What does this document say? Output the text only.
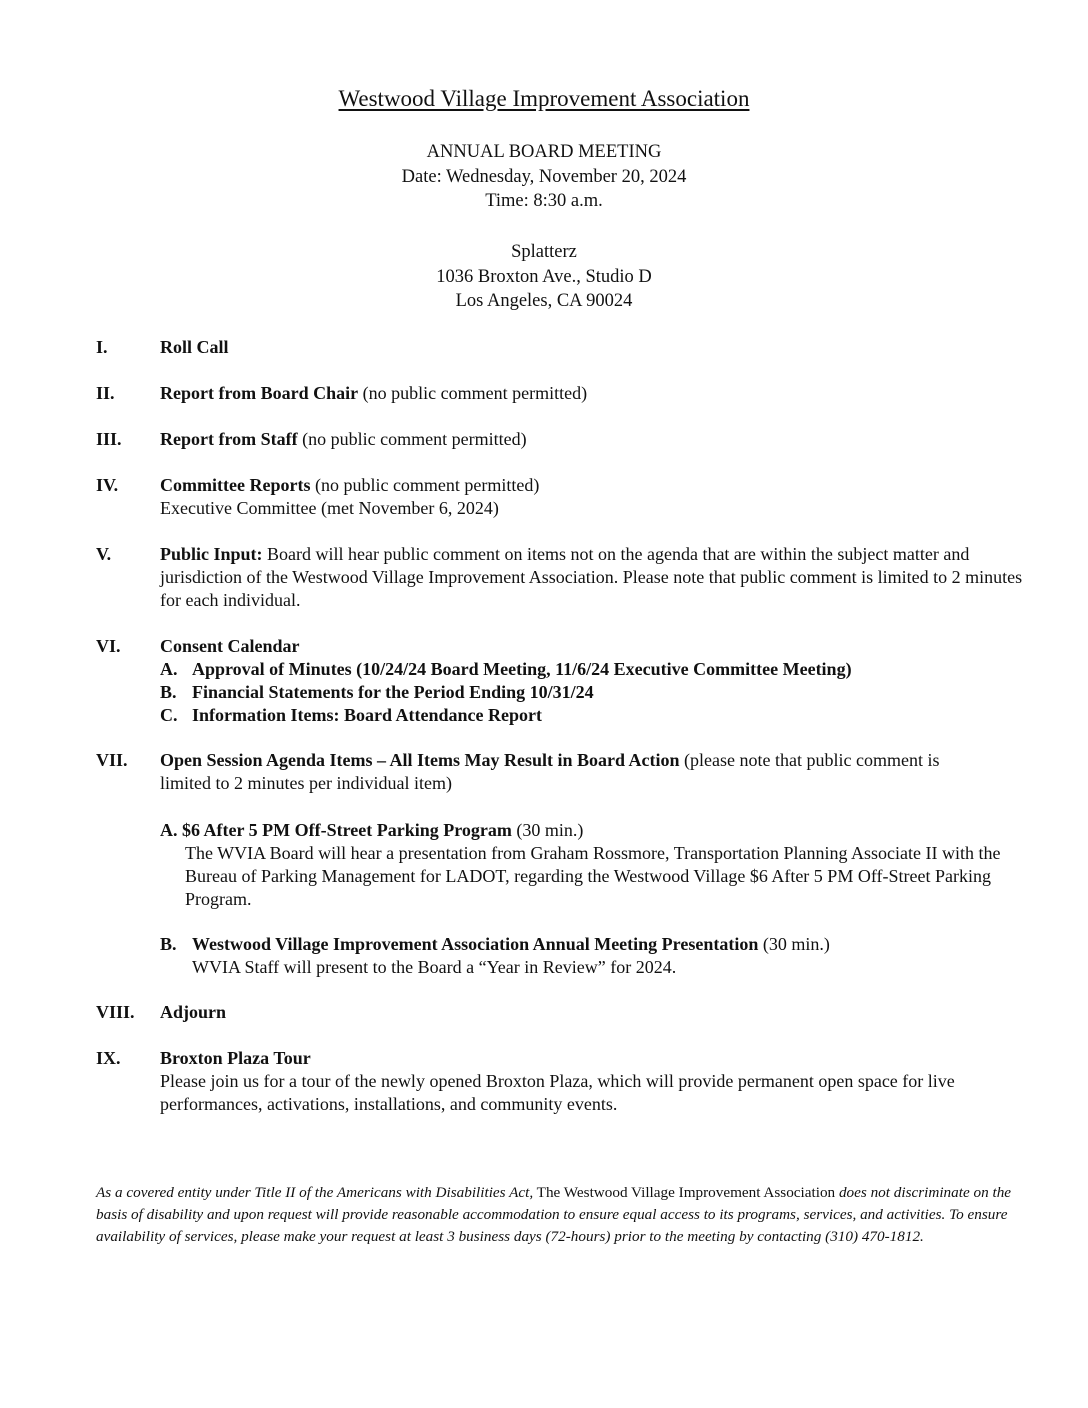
Westwood Village Improvement Association
ANNUAL BOARD MEETING
Date: Wednesday, November 20, 2024
Time: 8:30 a.m.
Splatterz
1036 Broxton Ave., Studio D
Los Angeles, CA 90024
I.	Roll Call
II.	Report from Board Chair (no public comment permitted)
III. Report from Staff (no public comment permitted)
IV. Committee Reports (no public comment permitted)
Executive Committee (met November 6, 2024)
V.	Public Input: Board will hear public comment on items not on the agenda that are within the subject matter and jurisdiction of the Westwood Village Improvement Association. Please note that public comment is limited to 2 minutes for each individual.
VI. Consent Calendar
A. Approval of Minutes (10/24/24 Board Meeting, 11/6/24 Executive Committee Meeting)
B. Financial Statements for the Period Ending 10/31/24
C. Information Items: Board Attendance Report
VII. Open Session Agenda Items – All Items May Result in Board Action (please note that public comment is limited to 2 minutes per individual item)
A. $6 After 5 PM Off-Street Parking Program (30 min.)
The WVIA Board will hear a presentation from Graham Rossmore, Transportation Planning Associate II with the Bureau of Parking Management for LADOT, regarding the Westwood Village $6 After 5 PM Off-Street Parking Program.
B. Westwood Village Improvement Association Annual Meeting Presentation (30 min.)
WVIA Staff will present to the Board a “Year in Review” for 2024.
VIII. Adjourn
IX. Broxton Plaza Tour
Please join us for a tour of the newly opened Broxton Plaza, which will provide permanent open space for live performances, activations, installations, and community events.
As a covered entity under Title II of the Americans with Disabilities Act, The Westwood Village Improvement Association does not discriminate on the basis of disability and upon request will provide reasonable accommodation to ensure equal access to its programs, services, and activities. To ensure availability of services, please make your request at least 3 business days (72-hours) prior to the meeting by contacting (310) 470-1812.
